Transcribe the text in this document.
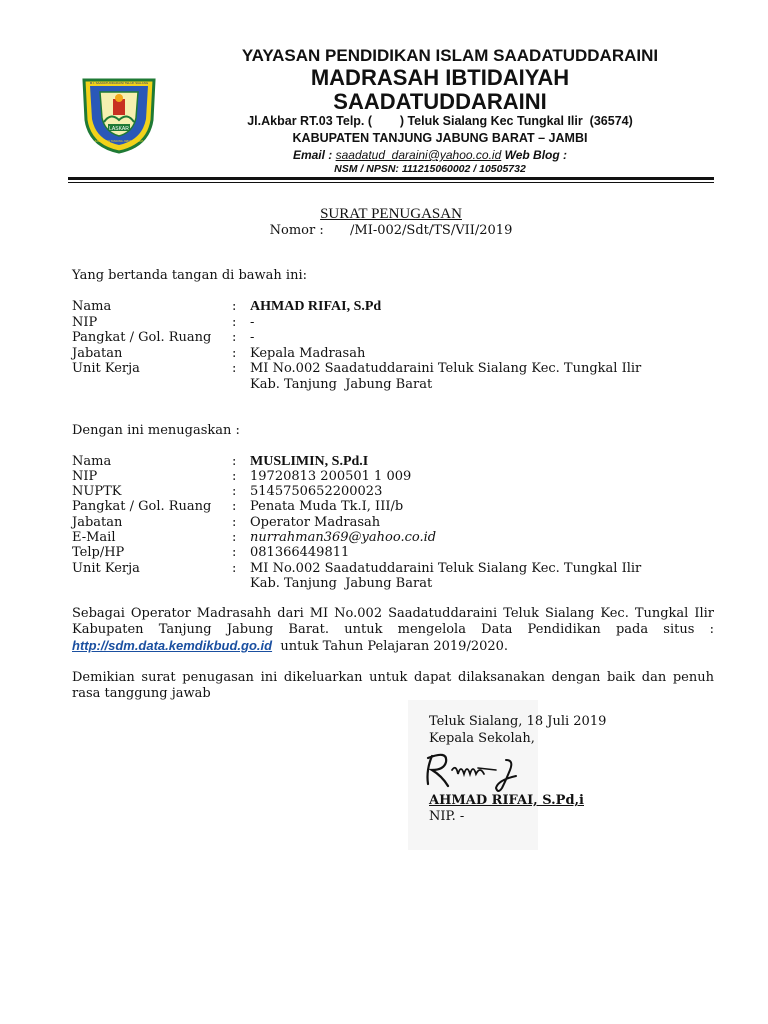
LASKAR
M.I. SAADATUDDARAINI TELUK SIALANG
KABUPATEN TANJUNG JABUNG BARAT
YAYASAN PENDIDIKAN ISLAM SAADATUDDARAINI
MADRASAH IBTIDAIYAH
SAADATUDDARAINI
Jl.Akbar RT.03 Telp. (        ) Teluk Sialang Kec Tungkal Ilir  (36574)
KABUPATEN TANJUNG JABUNG BARAT – JAMBI
Email : saadatud_daraini@yahoo.co.id Web Blog :
NSM / NPSN: 111215060002 / 10505732
SURAT PENUGASAN
Nomor : /MI-002/Sdt/TS/VII/2019
Yang bertanda tangan di bawah ini:
Nama	: AHMAD RIFAI, S.Pd
NIP	: -
Pangkat / Gol. Ruang : -
Jabatan	: Kepala Madrasah
Unit Kerja	: MI No.002 Saadatuddaraini Teluk Sialang Kec. Tungkal Ilir
Kab. Tanjung  Jabung Barat
Dengan ini menugaskan :
Nama	: MUSLIMIN, S.Pd.I
NIP	: 19720813 200501 1 009
NUPTK	: 5145750652200023
Pangkat / Gol. Ruang : Penata Muda Tk.I, III/b
Jabatan	: Operator Madrasah
E-Mail	: nurrahman369@yahoo.co.id
Telp/HP	: 081366449811
Unit Kerja	: MI No.002 Saadatuddaraini Teluk Sialang Kec. Tungkal Ilir
Kab. Tanjung  Jabung Barat
Sebagai Operator Madrasahh dari MI No.002 Saadatuddaraini Teluk Sialang Kec. Tungkal Ilir Kabupaten Tanjung Jabung Barat. untuk mengelola Data Pendidikan pada situs : http://sdm.data.kemdikbud.go.id  untuk Tahun Pelajaran 2019/2020.
Demikian surat penugasan ini dikeluarkan untuk dapat dilaksanakan dengan baik dan penuh rasa tanggung jawab
Teluk Sialang, 18 Juli 2019
Kepala Sekolah,
AHMAD RIFAI, S.Pd,i
NIP. -
